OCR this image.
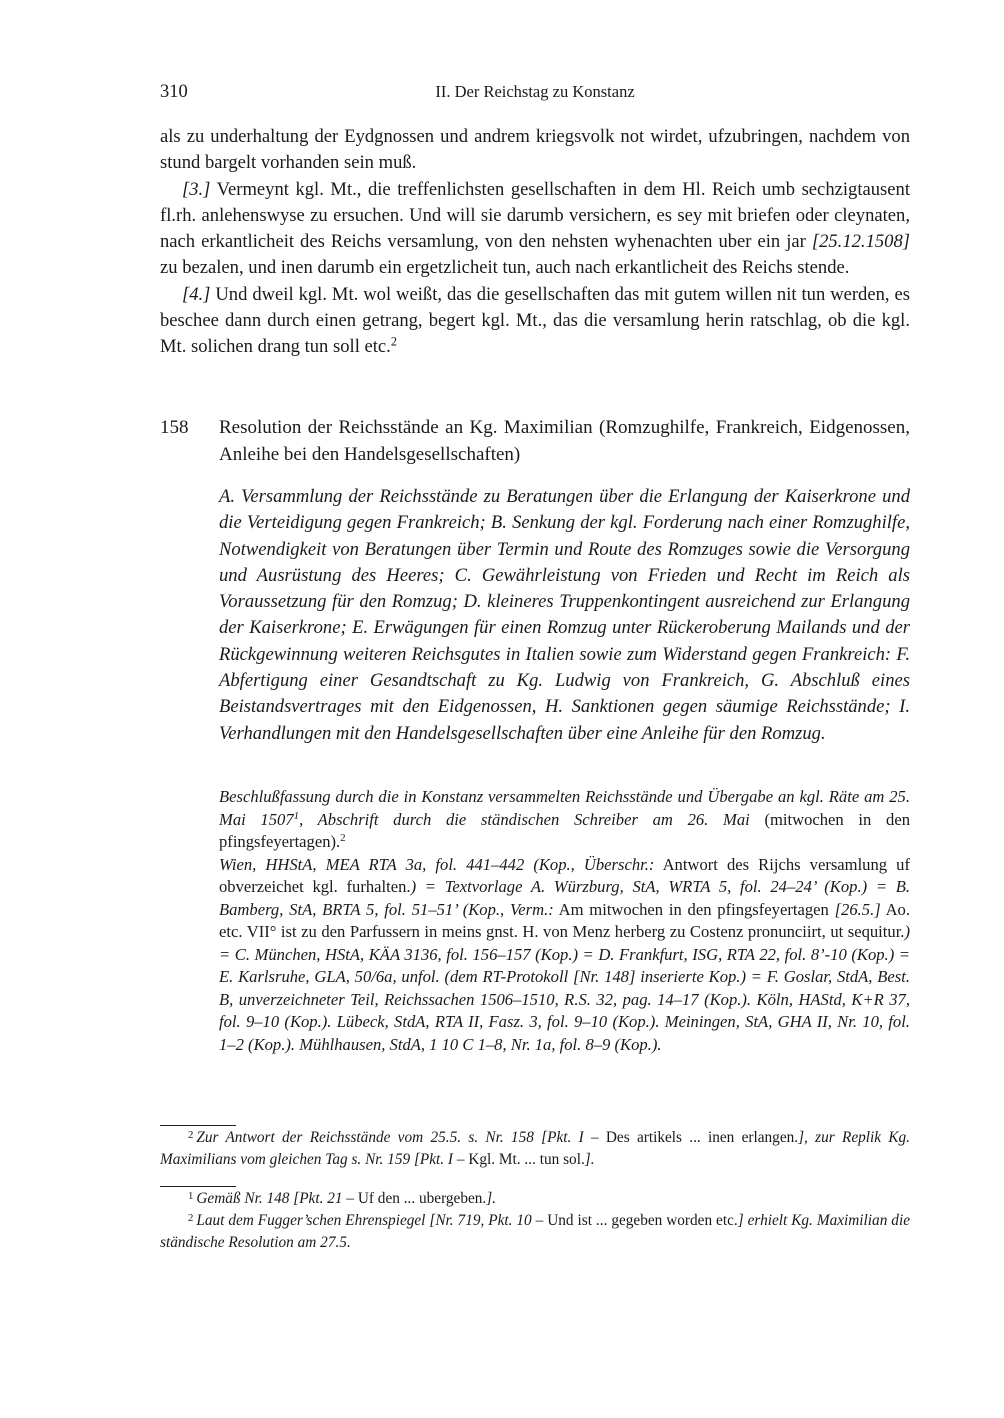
310	II. Der Reichstag zu Konstanz

als zu underhaltung der Eydgnossen und andrem kriegsvolk not wirdet, ufzubringen, nachdem von stund bargelt vorhanden sein muß.

[3.] Vermeynt kgl. Mt., die treffenlichsten gesellschaften in dem Hl. Reich umb sechzigtausent fl.rh. anlehenswyse zu ersuchen. Und will sie darumb versichern, es sey mit briefen oder cleynaten, nach erkantlicheit des Reichs versamlung, von den nehsten wyhenachten uber ein jar [25.12.1508] zu bezalen, und inen darumb ein ergetzlicheit tun, auch nach erkantlicheit des Reichs stende.

[4.] Und dweil kgl. Mt. wol weißt, das die gesellschaften das mit gutem willen nit tun werden, es beschee dann durch einen getrang, begert kgl. Mt., das die versamlung herin ratschlag, ob die kgl. Mt. solichen drang tun soll etc.$^2$

158 Resolution der Reichsstände an Kg. Maximilian (Romzughilfe, Frankreich, Eidgenossen, Anleihe bei den Handelsgesellschaften)
A. Versammlung der Reichsstände zu Beratungen über die Erlangung der Kaiserkrone und die Verteidigung gegen Frankreich; B. Senkung der kgl. Forderung nach einer Romzughilfe, Notwendigkeit von Beratungen über Termin und Route des Romzuges sowie die Versorgung und Ausrüstung des Heeres; C. Gewährleistung von Frieden und Recht im Reich als Voraussetzung für den Romzug; D. kleineres Truppenkontingent ausreichend zur Erlangung der Kaiserkrone; E. Erwägungen für einen Romzug unter Rückeroberung Mailands und der Rückgewinnung weiteren Reichsgutes in Italien sowie zum Widerstand gegen Frankreich: F. Abfertigung einer Gesandtschaft zu Kg. Ludwig von Frankreich, G. Abschluß eines Beistandsvertrages mit den Eidgenossen, H. Sanktionen gegen säumige Reichsstände; I. Verhandlungen mit den Handelsgesellschaften über eine Anleihe für den Romzug.

Beschlußfassung durch die in Konstanz versammelten Reichsstände und Übergabe an kgl. Räte am 25. Mai 1507$^1$, Abschrift durch die ständischen Schreiber am 26. Mai (mitwochen in den pfingsfeyertagen).$^2$

Wien, HHStA, MEA RTA 3a, fol. 441–442 (Kop., Überschr.: Antwort des Rijchs versamlung uf obverzeichet kgl. furhalten.) = Textvorlage A. Würzburg, StA, WRTA 5, fol. 24–24’ (Kop.) = B. Bamberg, StA, BRTA 5, fol. 51–51’ (Kop., Verm.: Am mitwochen in den pfingsfeyertagen [26.5.] Ao. etc. VII° ist zu den Parfussern in meins gnst. H. von Menz herberg zu Costenz pronunciirt, ut sequitur.) = C. München, HStA, KÄA 3136, fol. 156–157 (Kop.) = D. Frankfurt, ISG, RTA 22, fol. 8’-10 (Kop.) = E. Karlsruhe, GLA, 50/6a, unfol. (dem RT-Protokoll [Nr. 148] inserierte Kop.) = F. Goslar, StdA, Best. B, unverzeichneter Teil, Reichssachen 1506–1510, R.S. 32, pag. 14–17 (Kop.). Köln, HAStd, K+R 37, fol. 9–10 (Kop.). Lübeck, StdA, RTA II, Fasz. 3, fol. 9–10 (Kop.). Meiningen, StA, GHA II, Nr. 10, fol. 1–2 (Kop.). Mühlhausen, StdA, 1 10 C 1–8, Nr. 1a, fol. 8–9 (Kop.).

$^2$ Zur Antwort der Reichsstände vom 25.5. s. Nr. 158 [Pkt. I – Des artikels ... inen erlangen.], zur Replik Kg. Maximilians vom gleichen Tag s. Nr. 159 [Pkt. I – Kgl. Mt. ... tun sol.].

$^1$ Gemäß Nr. 148 [Pkt. 21 – Uf den ... ubergeben.].

$^2$ Laut dem Fugger’schen Ehrenspiegel [Nr. 719, Pkt. 10 – Und ist ... gegeben worden etc.] erhielt Kg. Maximilian die ständische Resolution am 27.5.
